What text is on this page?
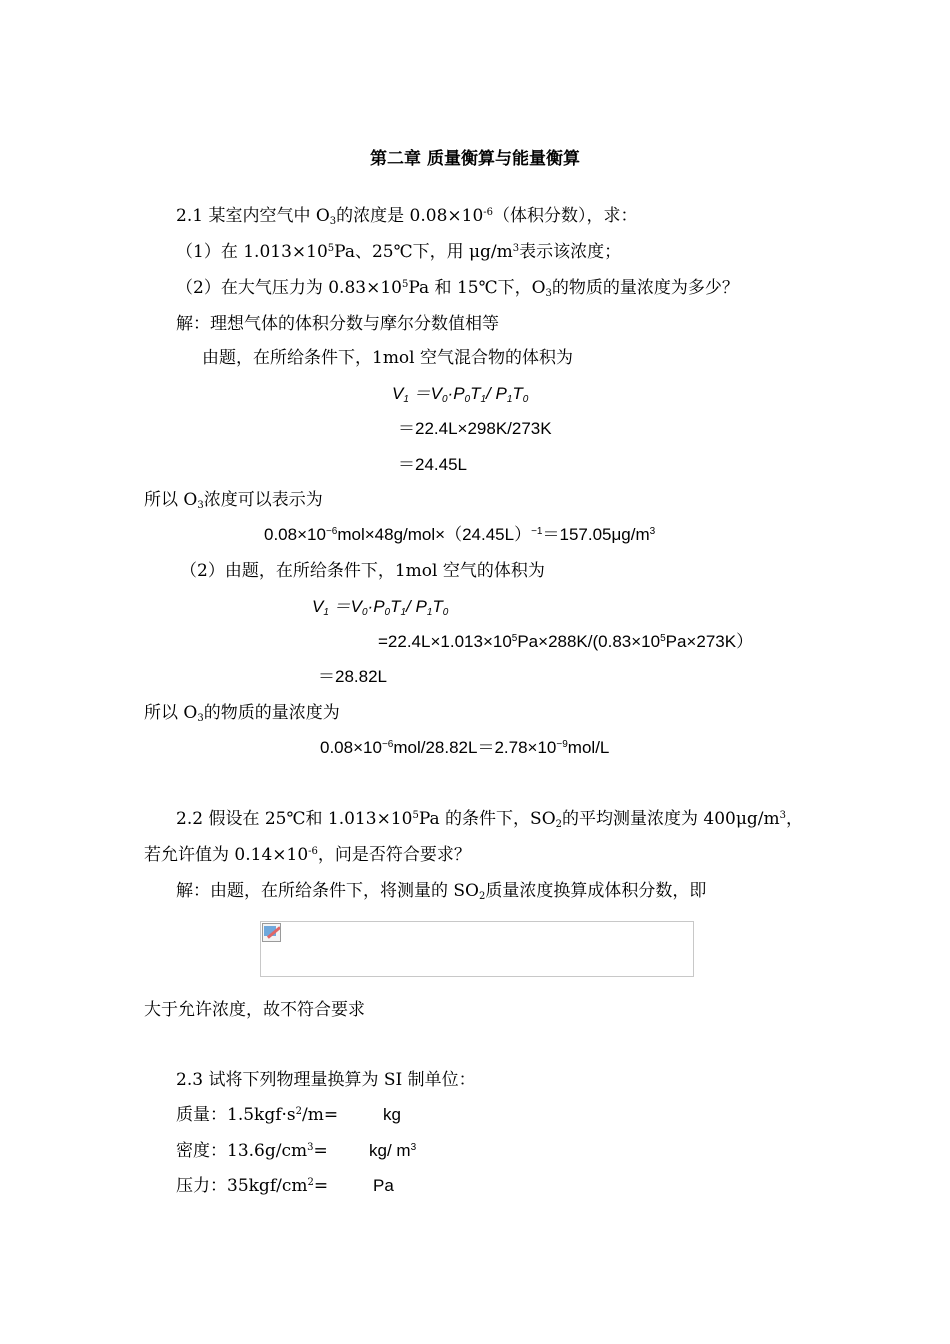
第二章 质量衡算与能量衡算
2.1 某室内空气中 $O_3$的浓度是 $0.08\times 10^{-6}$（体积分数），求：
（1）在 $1.013\times 10^5Pa$、25℃下，用 $\mu g/m^3$表示该浓度；
（2）在大气压力为 $0.83\times 10^5Pa$ 和 15℃下，$O_3$的物质的量浓度为多少？
解：理想气体的体积分数与摩尔分数值相等
由题，在所给条件下，1mol 空气混合物的体积为
$V_1 =V_0\cdot P_0T_1/$ $P_1T_0$
＝22.4L×298K/273K
＝24.45L
所以 $O_3$浓度可以表示为
$0.08\times 10^{-6}mol\times 48g/mol\times(24.45L)^{-1}=157.05\mu g/m^3$
（2）由题，在所给条件下，1mol 空气的体积为
$V_1 =V_0\cdot P_0T_1/$ $P_1T_0$
$=22.4L\times 1.013\times 10^5Pa\times 288K/(0.83\times 10^5Pa\times 273K)$
＝28.82L
所以 $O_3$的物质的量浓度为
$0.08\times 10^{-6}mol/28.82L=2.78\times 10^{-9}mol/L$
2.2 假设在 25℃和 $1.013\times 10^5Pa$ 的条件下，$SO_2$的平均测量浓度为 $400\mu g/m^3$，
若允许值为 $0.14\times 10^{-6}$，问是否符合要求？
解：由题，在所给条件下，将测量的 $SO_2$质量浓度换算成体积分数，即
大于允许浓度，故不符合要求
2.3 试将下列物理量换算为 SI 制单位：
质量：$1.5kgf\cdot s^2/m=$	kg
密度：$13.6g/cm^3= kg/$ $m^3$
压力：$35kgf/cm^2=$	Pa
